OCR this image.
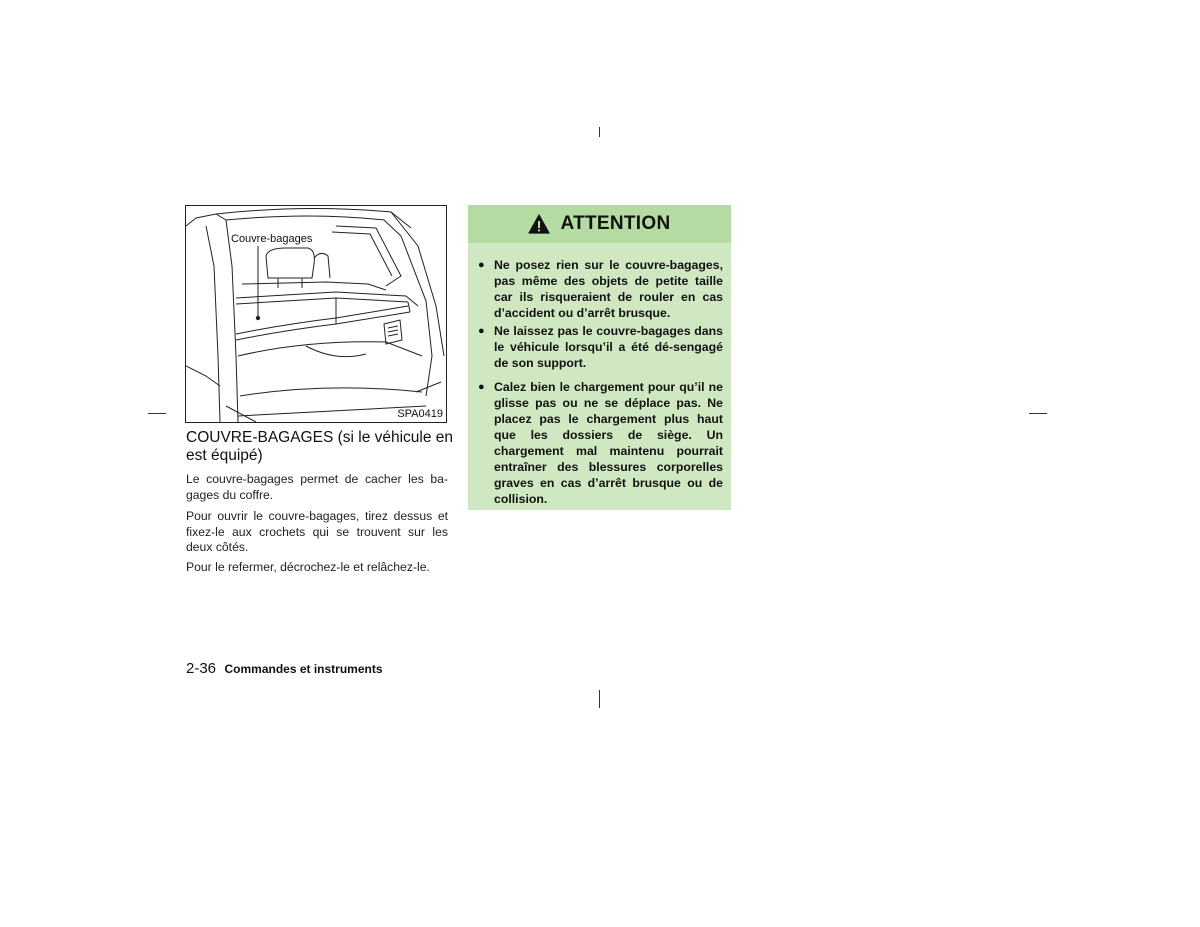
Couvre-bagages
SPA0419
COUVRE-BAGAGES (si le véhicule en est équipé)

Le couvre-bagages permet de cacher les ba-gages du coffre.

Pour ouvrir le couvre-bagages, tirez dessus et fixez-le aux crochets qui se trouvent sur les deux côtés.

Pour le refermer, décrochez-le et relâchez-le.

ATTENTION
● Ne posez rien sur le couvre-bagages, pas même des objets de petite taille car ils risqueraient de rouler en cas d’accident ou d’arrêt brusque.

● Ne laissez pas le couvre-bagages dans le véhicule lorsqu’il a été dé-sengagé de son support.

● Calez bien le chargement pour qu’il ne glisse pas ou ne se déplace pas. Ne placez pas le chargement plus haut que les dossiers de siège. Un chargement mal maintenu pourrait entraîner des blessures corporelles graves en cas d’arrêt brusque ou de collision.

2-36 Commandes et instruments
